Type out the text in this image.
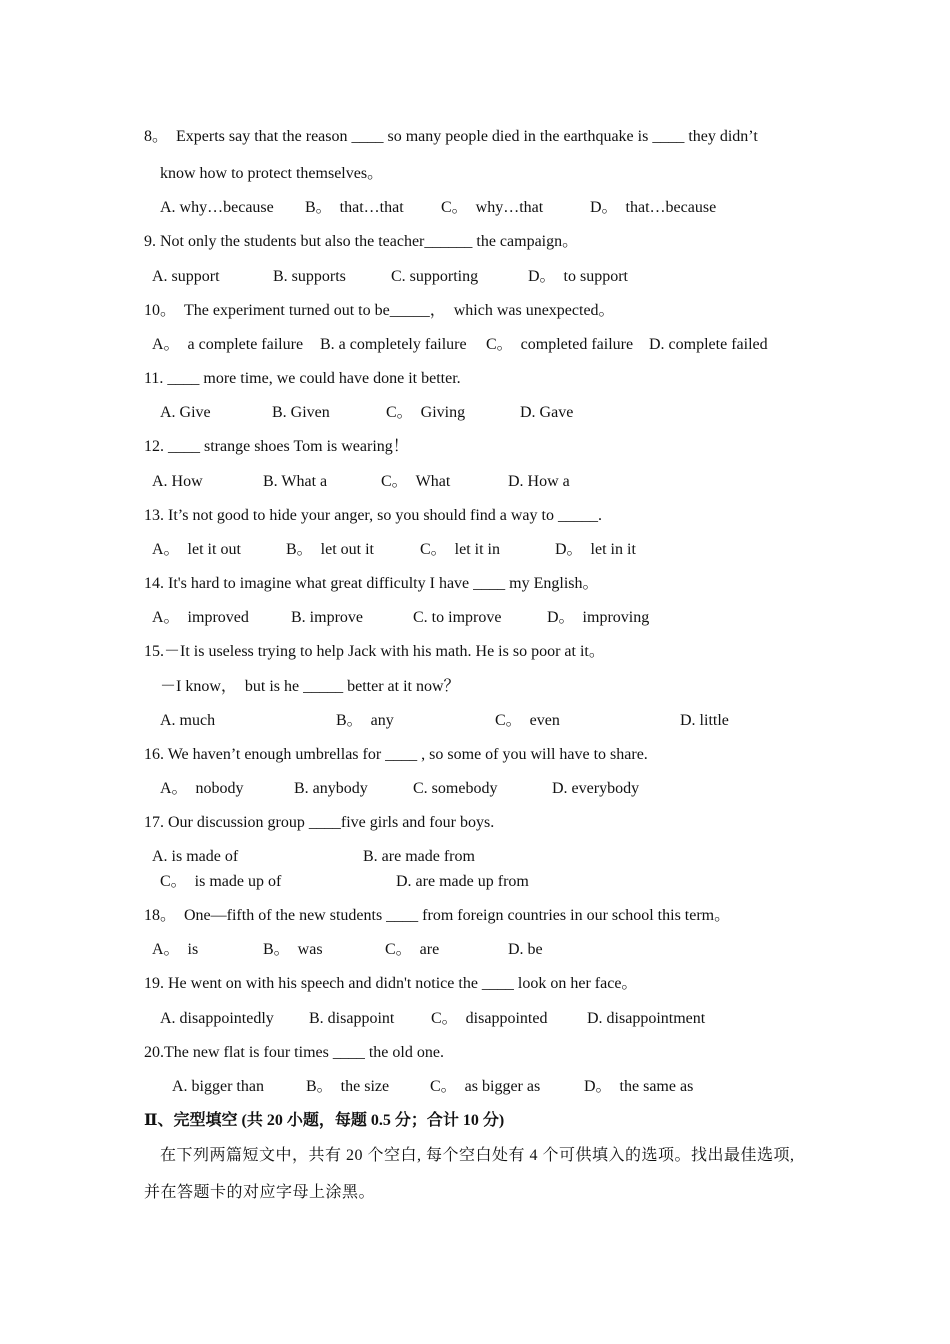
8。  Experts say that the reason ____ so many people died in the earthquake is ____ they didn’t
know how to protect themselves。
A. why…because B。  that…that C。  why…that	D。  that…because
9. Not only the students but also the teacher______ the campaign。
A. support	B. supports	C. supporting	D。  to support
10。  The experiment turned out to be_____，  which was unexpected。
A。  a complete failure B. a completely failure C。  completed failure D. complete failed
11. ____ more time, we could have done it better.
A. Give	B. Given	C。  Giving	D. Gave
12. ____ strange shoes Tom is wearing！
A. How	B. What a	C。  What	D. How a
13. It’s not good to hide your anger, so you should find a way to _____.
A。  let it out	B。  let out it	C。  let it in	D。  let in it
14. It's hard to imagine what great difficulty I have ____ my English。
A。  improved	B. improve	C. to improve	D。  improving
15.－It is useless trying to help Jack with his math. He is so poor at it。
－I know，  but is he _____ better at it now？
A. much	B。  any	C。  even	D. little
16. We haven’t enough umbrellas for ____ , so some of you will have to share.
A。  nobody	B. anybody	C. somebody	D. everybody
17. Our discussion group ____five girls and four boys.
A. is made of	B. are made from
C。  is made up of	D. are made up from
18。  One—fifth of the new students ____ from foreign countries in our school this term。
A。  is	B。  was	C。  are	D. be
19. He went on with his speech and didn't notice the ____ look on her face。
A. disappointedly B. disappoint C。  disappointed D. disappointment
20.The new flat is four times ____ the old one.
A. bigger than	B。  the size	C。  as bigger as	D。  the same as
Ⅱ、完型填空 (共 20 小题，每题 0.5 分；合计 10 分)
在下列两篇短文中，共有 20 个空白, 每个空白处有 4 个可供填入的选项。找出最佳选项,
并在答题卡的对应字母上涂黑。
